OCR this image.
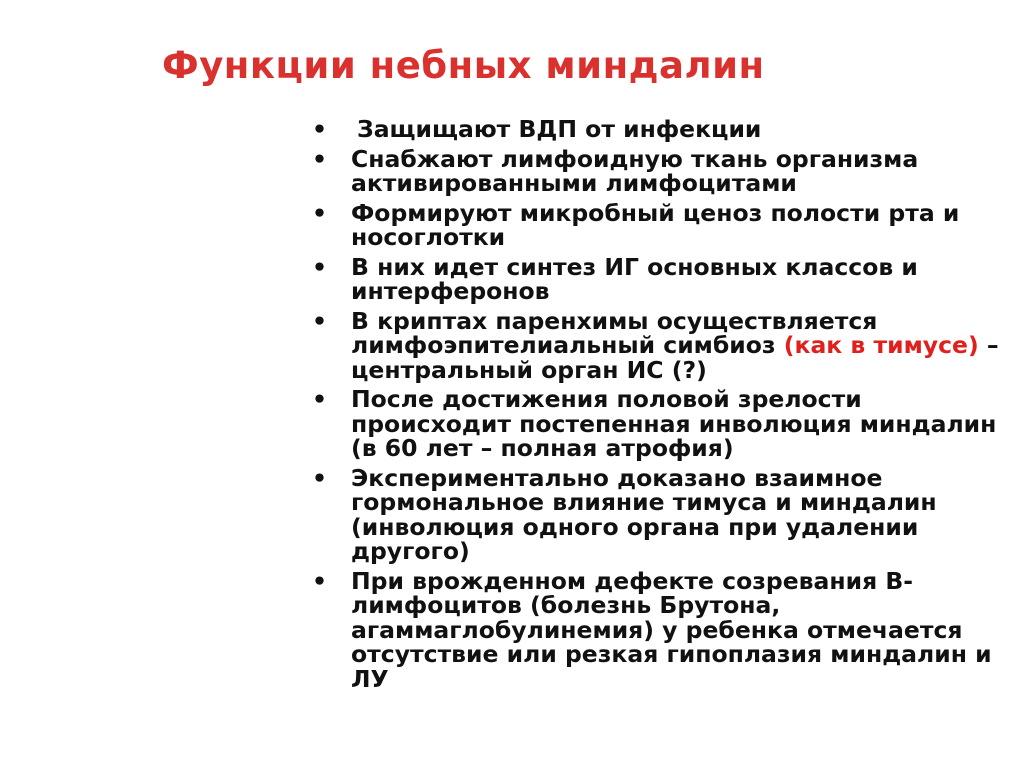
Функции небных миндалин
• Защищают ВДП от инфекции
• Снабжают лимфоидную ткань организма активированными лимфоцитами
• Формируют микробный ценоз полости рта и носоглотки
• В них идет синтез ИГ основных классов и интерферонов
• В криптах паренхимы осуществляется лимфоэпителиальный симбиоз (как в тимусе) – центральный орган ИС (?)
• После достижения половой зрелости происходит постепенная инволюция миндалин (в 60 лет – полная атрофия)
• Экспериментально доказано взаимное гормональное влияние тимуса и миндалин (инволюция одного органа при удалении другого)
• При врожденном дефекте созревания В-лимфоцитов (болезнь Брутона, агаммаглобулинемия) у ребенка отмечается отсутствие или резкая гипоплазия миндалин и ЛУ
